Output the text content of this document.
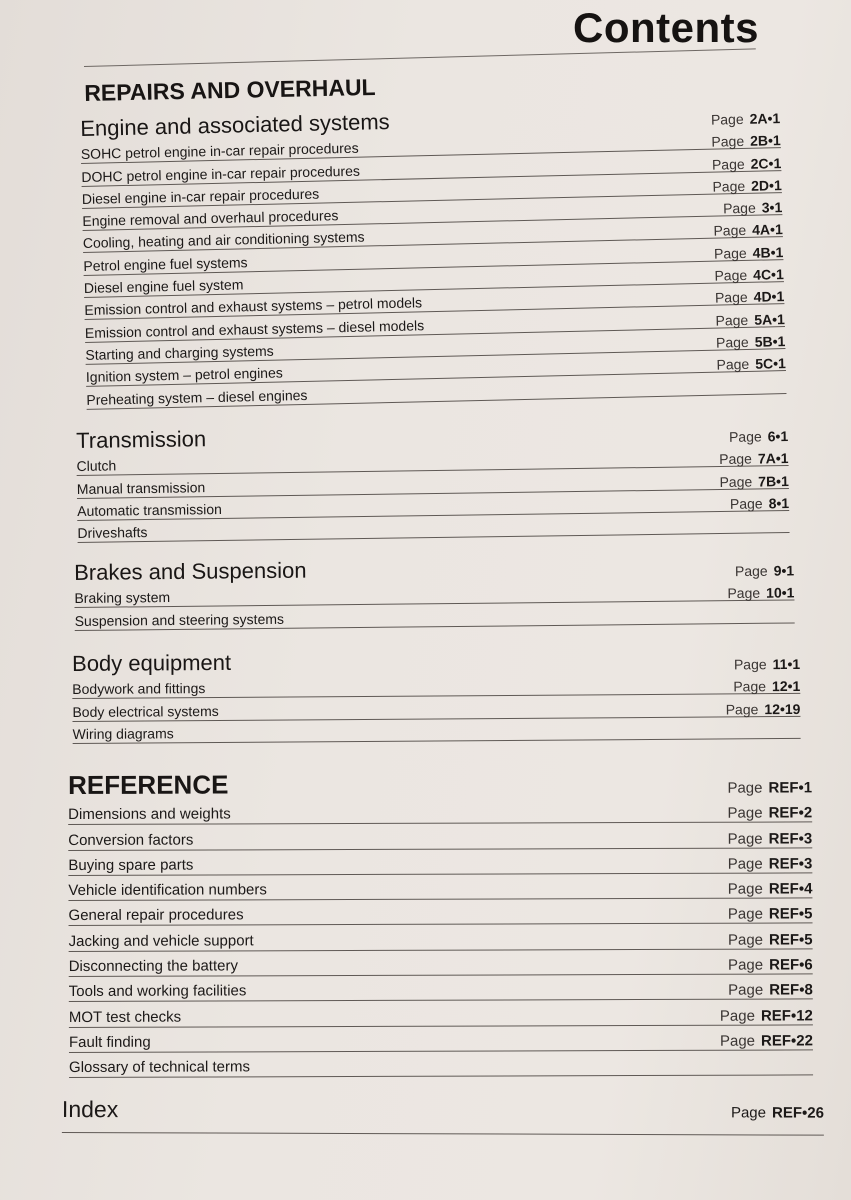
Contents
REPAIRS AND OVERHAUL
Engine and associated systems
SOHC petrol engine in-car repair procedures
Page 2A•1
DOHC petrol engine in-car repair procedures
Page 2B•1
Diesel engine in-car repair procedures
Page 2C•1
Engine removal and overhaul procedures
Page 2D•1
Cooling, heating and air conditioning systems
Page 3•1
Petrol engine fuel systems
Page 4A•1
Diesel engine fuel system
Page 4B•1
Emission control and exhaust systems – petrol models
Page 4C•1
Emission control and exhaust systems – diesel models
Page 4D•1
Starting and charging systems
Page 5A•1
Ignition system – petrol engines
Page 5B•1
Preheating system – diesel engines
Page 5C•1
Transmission
Clutch
Page 6•1
Manual transmission
Page 7A•1
Automatic transmission
Page 7B•1
Driveshafts
Page 8•1
Brakes and Suspension
Braking system
Page 9•1
Suspension and steering systems
Page 10•1
Body equipment
Bodywork and fittings
Page 11•1
Body electrical systems
Page 12•1
Wiring diagrams
Page 12•19
REFERENCE
Dimensions and weights
Page REF•1
Conversion factors
Page REF•2
Buying spare parts
Page REF•3
Vehicle identification numbers
Page REF•3
General repair procedures
Page REF•4
Jacking and vehicle support
Page REF•5
Disconnecting the battery
Page REF•5
Tools and working facilities
Page REF•6
MOT test checks
Page REF•8
Fault finding
Page REF•12
Glossary of technical terms
Page REF•22
Index	Page REF•26
